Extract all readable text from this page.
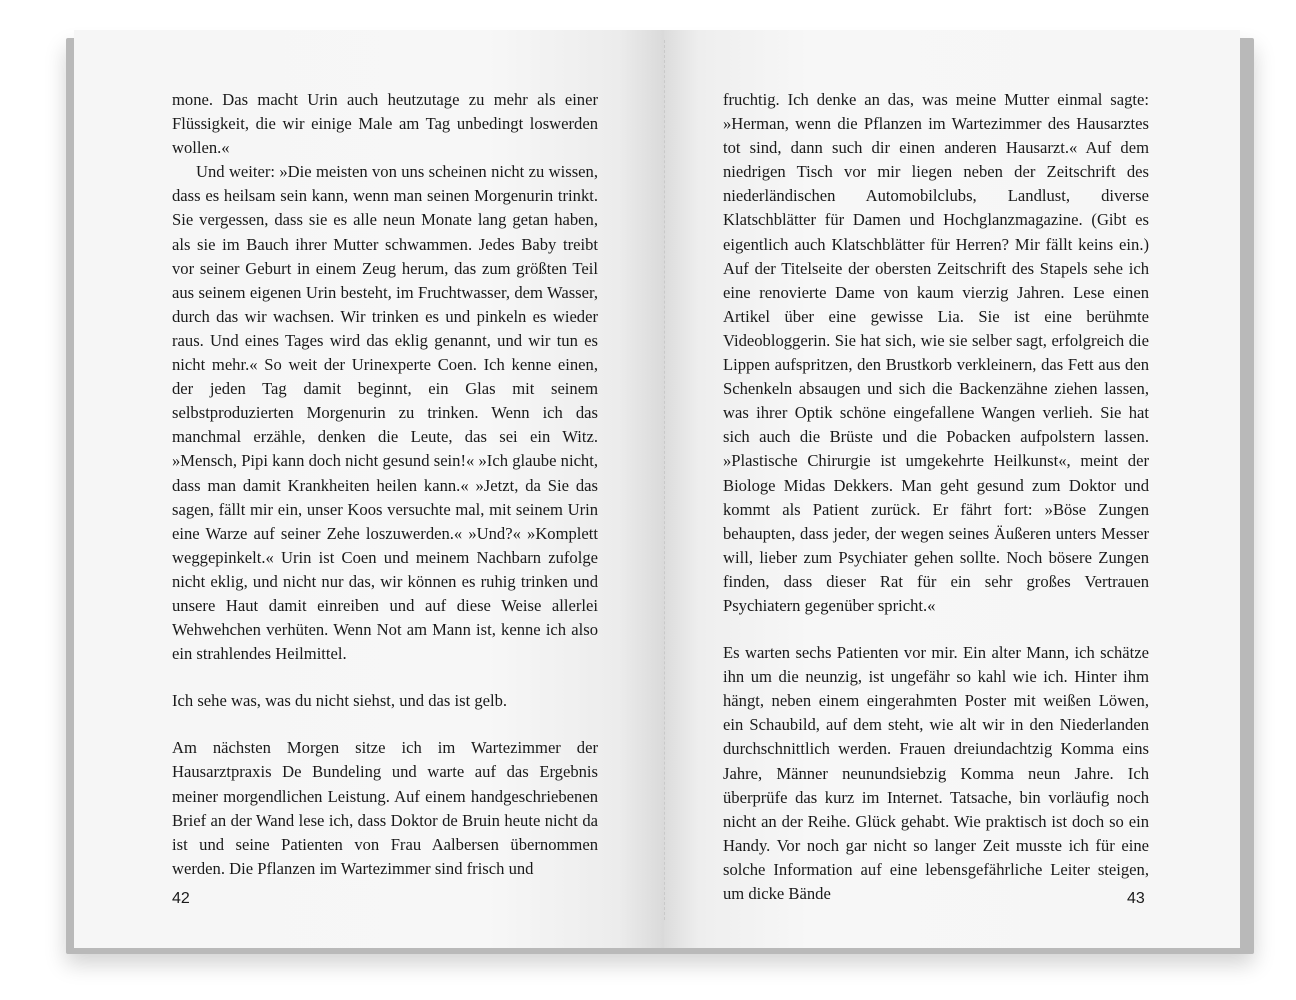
mone. Das macht Urin auch heutzutage zu mehr als einer Flüssigkeit, die wir einige Male am Tag unbedingt loswerden wollen.«

Und weiter: »Die meisten von uns scheinen nicht zu wissen, dass es heilsam sein kann, wenn man seinen Morgenurin trinkt. Sie vergessen, dass sie es alle neun Monate lang getan haben, als sie im Bauch ihrer Mutter schwammen. Jedes Baby treibt vor seiner Geburt in einem Zeug herum, das zum größten Teil aus seinem eigenen Urin besteht, im Fruchtwasser, dem Wasser, durch das wir wachsen. Wir trinken es und pinkeln es wieder raus. Und eines Tages wird das eklig genannt, und wir tun es nicht mehr.« So weit der Urinexperte Coen. Ich kenne einen, der jeden Tag damit beginnt, ein Glas mit seinem selbstproduzierten Morgenurin zu trinken. Wenn ich das manchmal erzähle, denken die Leute, das sei ein Witz. »Mensch, Pipi kann doch nicht gesund sein!« »Ich glaube nicht, dass man damit Krankheiten heilen kann.« »Jetzt, da Sie das sagen, fällt mir ein, unser Koos versuchte mal, mit seinem Urin eine Warze auf seiner Zehe loszuwerden.« »Und?« »Komplett weggepinkelt.« Urin ist Coen und meinem Nachbarn zufolge nicht eklig, und nicht nur das, wir können es ruhig trinken und unsere Haut damit einreiben und auf diese Weise allerlei Wehwehchen verhüten. Wenn Not am Mann ist, kenne ich also ein strahlendes Heilmittel.

Ich sehe was, was du nicht siehst, und das ist gelb.

Am nächsten Morgen sitze ich im Wartezimmer der Hausarztpraxis De Bundeling und warte auf das Ergebnis meiner morgendlichen Leistung. Auf einem handgeschriebenen Brief an der Wand lese ich, dass Doktor de Bruin heute nicht da ist und seine Patienten von Frau Aalbersen übernommen werden. Die Pflanzen im Wartezimmer sind frisch und

42

fruchtig. Ich denke an das, was meine Mutter einmal sagte: »Herman, wenn die Pflanzen im Wartezimmer des Hausarztes tot sind, dann such dir einen anderen Hausarzt.« Auf dem niedrigen Tisch vor mir liegen neben der Zeitschrift des niederländischen Automobilclubs, Landlust, diverse Klatschblätter für Damen und Hochglanzmagazine. (Gibt es eigentlich auch Klatschblätter für Herren? Mir fällt keins ein.) Auf der Titelseite der obersten Zeitschrift des Stapels sehe ich eine renovierte Dame von kaum vierzig Jahren. Lese einen Artikel über eine gewisse Lia. Sie ist eine berühmte Videobloggerin. Sie hat sich, wie sie selber sagt, erfolgreich die Lippen aufspritzen, den Brustkorb verkleinern, das Fett aus den Schenkeln absaugen und sich die Backenzähne ziehen lassen, was ihrer Optik schöne eingefallene Wangen verlieh. Sie hat sich auch die Brüste und die Pobacken aufpolstern lassen. »Plastische Chirurgie ist umgekehrte Heilkunst«, meint der Biologe Midas Dekkers. Man geht gesund zum Doktor und kommt als Patient zurück. Er fährt fort: »Böse Zungen behaupten, dass jeder, der wegen seines Äußeren unters Messer will, lieber zum Psychiater gehen sollte. Noch bösere Zungen finden, dass dieser Rat für ein sehr großes Vertrauen Psychiatern gegenüber spricht.«

Es warten sechs Patienten vor mir. Ein alter Mann, ich schätze ihn um die neunzig, ist ungefähr so kahl wie ich. Hinter ihm hängt, neben einem eingerahmten Poster mit weißen Löwen, ein Schaubild, auf dem steht, wie alt wir in den Niederlanden durchschnittlich werden. Frauen dreiundachtzig Komma eins Jahre, Männer neunundsiebzig Komma neun Jahre. Ich überprüfe das kurz im Internet. Tatsache, bin vorläufig noch nicht an der Reihe. Glück gehabt. Wie praktisch ist doch so ein Handy. Vor noch gar nicht so langer Zeit musste ich für eine solche Information auf eine lebensgefährliche Leiter steigen, um dicke Bände	43
